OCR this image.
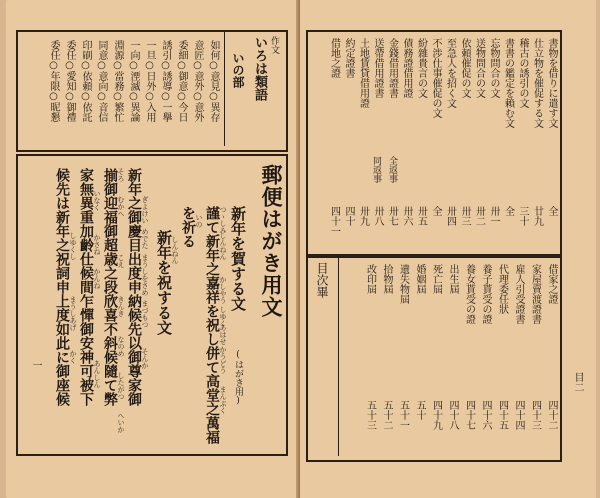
作文
いろは類語
いの部
如何○意見○異存
意匠○意外○意外
委細○御意○今日
誘引○誘導○一擧
一旦○日外○入用
一向○湮滅○異論
淵源○當務○繁忙
同意○意向○音信
印刷○依頼○依託
委任○愛知○御禮
委任○年限○昵懇
郵便はがき用文
新年を賀する文
(はがき用)
謹て新年之嘉祥を祝し併て高堂之萬福
を祈る
新年を祝する文
新年之御慶目出度申納候先以御尊家御
揃御迎福御超歳之段欣喜不斜候隨て弊
家無異重加齡仕候間乍憚御安神可被下
候先は新年之祝詞申上度如此に御座候	つゝしみ
しんねん
かしやう
しゆく
あはせ
かうどう
まんぷく
いの
しんねん
ぎよけい
めでた
まうしをさめ
まづもつ
そんか
そろ
むかへ
こえ
きんき
なのめ
したがつ
へいか
いなく
かさね
かんね
あんしん
しゆくし
まうしあげ
かく
一
目次畢
書物を借りに遣す文
全
仕立物を催促する文
廿九
稽古の誘引の文
三十
書書の鑑定を賴む文
全
忘物問合の文
卅一
送物問合の文
卅二
依頼催促の文
卅三
至急人を招く文
卅四
不渉仕事催促の文
全
紛雜貴言の文
卅五
債務證借用證
卅六
金錢借用證書
卅七
送帶借用證書
卅八
土地賃貸借用證
卅九
約定證書
四十
借地之證
四十一
借家之證
四十二
家屋賣渡證書
四十三
雇人引受證書
四十四
代理委任狀
四十五
養子貰受の證
四十六
養女貰受の證
四十七
出生屆
四十八
死亡屆
四十九
婚姻屆
五十
遺失物屆
五十一
拾物屆
五十二
改印屆
五十三
全返事
同返事
目二
